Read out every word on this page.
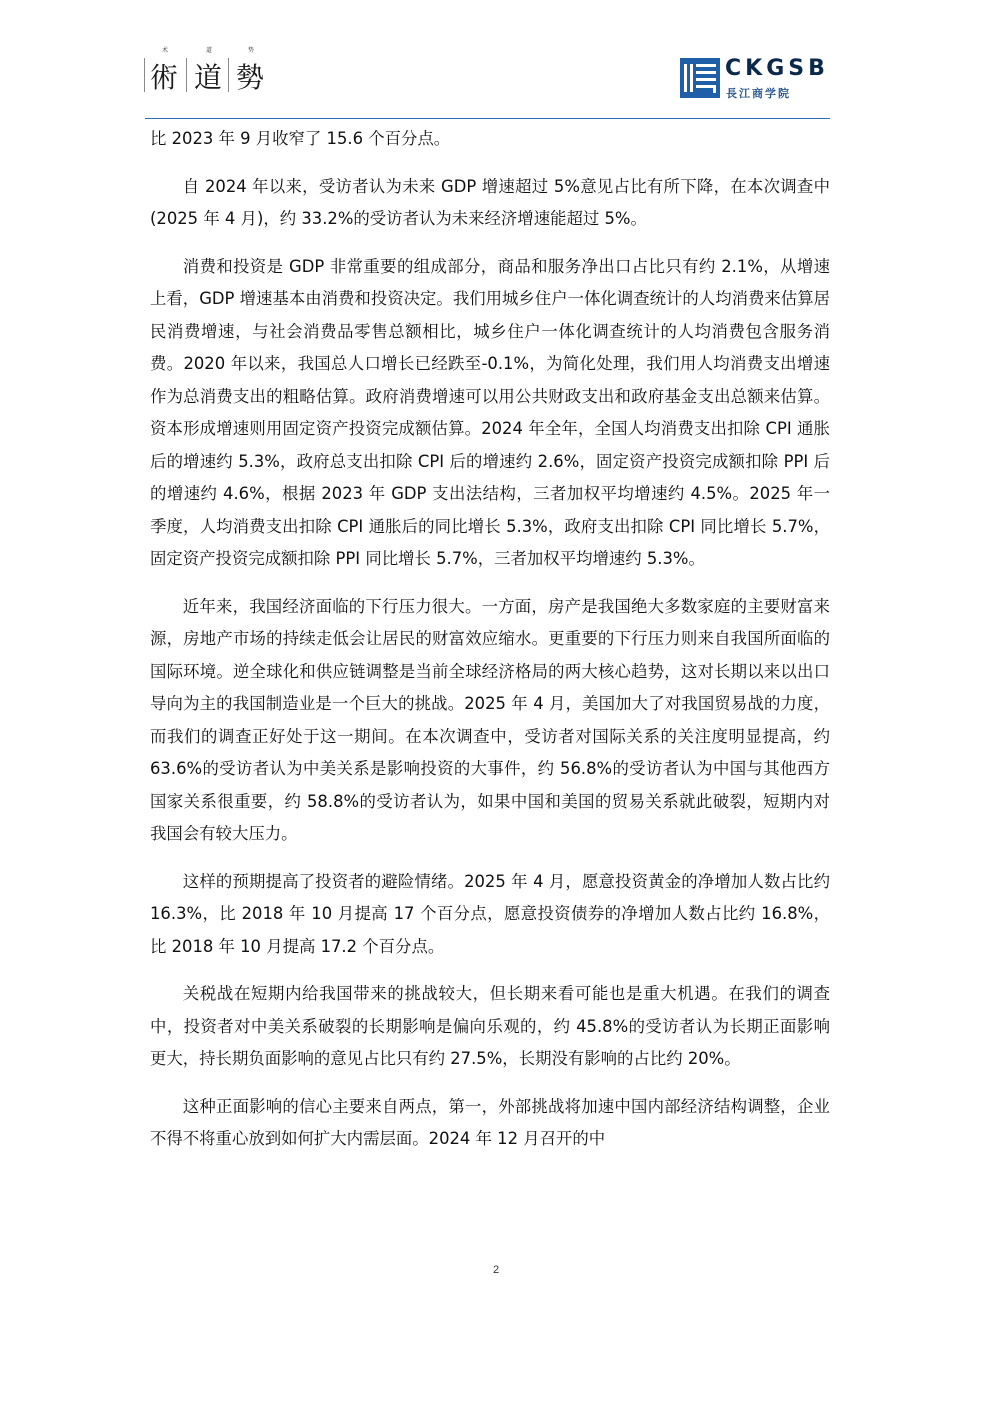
术
術
道
道
势
勢	CKGSB
長江商学院

比 2023 年 9 月收窄了 15.6 个百分点。

自 2024 年以来，受访者认为未来 GDP 增速超过 5%意见占比有所下降，在本次调查中(2025 年 4 月)，约 33.2%的受访者认为未来经济增速能超过 5%。

消费和投资是 GDP 非常重要的组成部分，商品和服务净出口占比只有约 2.1%，从增速上看，GDP 增速基本由消费和投资决定。我们用城乡住户一体化调查统计的人均消费来估算居民消费增速，与社会消费品零售总额相比，城乡住户一体化调查统计的人均消费包含服务消费。2020 年以来，我国总人口增长已经跌至-0.1%，为简化处理，我们用人均消费支出增速作为总消费支出的粗略估算。政府消费增速可以用公共财政支出和政府基金支出总额来估算。资本形成增速则用固定资产投资完成额估算。2024 年全年，全国人均消费支出扣除 CPI 通胀后的增速约 5.3%，政府总支出扣除 CPI 后的增速约 2.6%，固定资产投资完成额扣除 PPI 后的增速约 4.6%，根据 2023 年 GDP 支出法结构，三者加权平均增速约 4.5%。2025 年一季度，人均消费支出扣除 CPI 通胀后的同比增长 5.3%，政府支出扣除 CPI 同比增长 5.7%，固定资产投资完成额扣除 PPI 同比增长 5.7%，三者加权平均增速约 5.3%。

近年来，我国经济面临的下行压力很大。一方面，房产是我国绝大多数家庭的主要财富来源，房地产市场的持续走低会让居民的财富效应缩水。更重要的下行压力则来自我国所面临的国际环境。逆全球化和供应链调整是当前全球经济格局的两大核心趋势，这对长期以来以出口导向为主的我国制造业是一个巨大的挑战。2025 年 4 月，美国加大了对我国贸易战的力度，而我们的调查正好处于这一期间。在本次调查中，受访者对国际关系的关注度明显提高，约 63.6%的受访者认为中美关系是影响投资的大事件，约 56.8%的受访者认为中国与其他西方国家关系很重要，约 58.8%的受访者认为，如果中国和美国的贸易关系就此破裂，短期内对我国会有较大压力。

这样的预期提高了投资者的避险情绪。2025 年 4 月，愿意投资黄金的净增加人数占比约 16.3%，比 2018 年 10 月提高 17 个百分点，愿意投资债券的净增加人数占比约 16.8%，比 2018 年 10 月提高 17.2 个百分点。

关税战在短期内给我国带来的挑战较大，但长期来看可能也是重大机遇。在我们的调查中，投资者对中美关系破裂的长期影响是偏向乐观的，约 45.8%的受访者认为长期正面影响更大，持长期负面影响的意见占比只有约 27.5%，长期没有影响的占比约 20%。

这种正面影响的信心主要来自两点，第一，外部挑战将加速中国内部经济结构调整，企业不得不将重心放到如何扩大内需层面。2024 年 12 月召开的中

2
